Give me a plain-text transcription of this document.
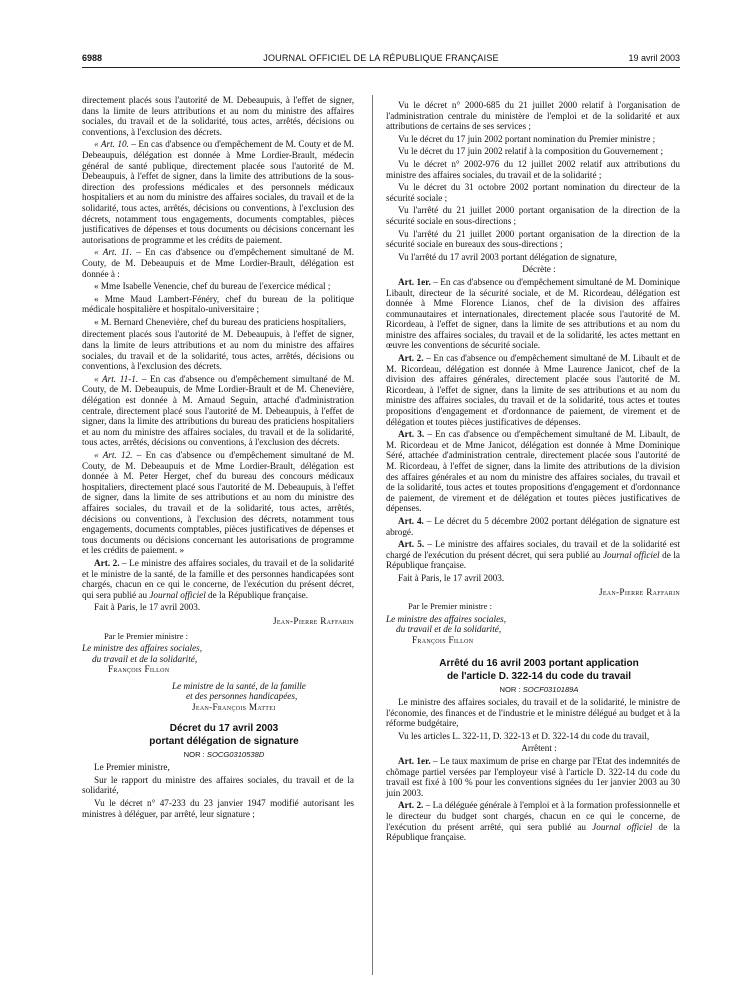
6988	JOURNAL OFFICIEL DE LA RÉPUBLIQUE FRANÇAISE	19 avril 2003

directement placés sous l'autorité de M. Debeaupuis, à l'effet de signer, dans la limite de leurs attributions et au nom du ministre des affaires sociales, du travail et de la solidarité, tous actes, arrêtés, décisions ou conventions, à l'exclusion des décrets.

« Art. 10. – En cas d'absence ou d'empêchement de M. Couty et de M. Debeaupuis, délégation est donnée à Mme Lordier-Brault, médecin général de santé publique, directement placée sous l'autorité de M. Debeaupuis, à l'effet de signer, dans la limite des attributions de la sous-direction des professions médicales et des personnels médicaux hospitaliers et au nom du ministre des affaires sociales, du travail et de la solidarité, tous actes, arrêtés, décisions ou conventions, à l'exclusion des décrets, notamment tous engagements, documents comptables, pièces justificatives de dépenses et tous documents ou décisions concernant les autorisations de programme et les crédits de paiement.

« Art. 11. – En cas d'absence ou d'empêchement simultané de M. Couty, de M. Debeaupuis et de Mme Lordier-Brault, délégation est donnée à :

« Mme Isabelle Venencie, chef du bureau de l'exercice médical ;

« Mme Maud Lambert-Fénéry, chef du bureau de la politique médicale hospitalière et hospitalo-universitaire ;

« M. Bernard Chenevière, chef du bureau des praticiens hospitaliers,

directement placés sous l'autorité de M. Debeaupuis, à l'effet de signer, dans la limite de leurs attributions et au nom du ministre des affaires sociales, du travail et de la solidarité, tous actes, arrêtés, décisions ou conventions, à l'exclusion des décrets.

« Art. 11-1. – En cas d'absence ou d'empêchement simultané de M. Couty, de M. Debeaupuis, de Mme Lordier-Brault et de M. Chenevière, délégation est donnée à M. Arnaud Seguin, attaché d'administration centrale, directement placé sous l'autorité de M. Debeaupuis, à l'effet de signer, dans la limite des attributions du bureau des praticiens hospitaliers et au nom du ministre des affaires sociales, du travail et de la solidarité, tous actes, arrêtés, décisions ou conventions, à l'exclusion des décrets.

« Art. 12. – En cas d'absence ou d'empêchement simultané de M. Couty, de M. Debeaupuis et de Mme Lordier-Brault, délégation est donnée à M. Peter Herget, chef du bureau des concours médicaux hospitaliers, directement placé sous l'autorité de M. Debeaupuis, à l'effet de signer, dans la limite de ses attributions et au nom du ministre des affaires sociales, du travail et de la solidarité, tous actes, arrêtés, décisions ou conventions, à l'exclusion des décrets, notamment tous engagements, documents comptables, pièces justificatives de dépenses et tous documents ou décisions concernant les autorisations de programme et les crédits de paiement. »

Art. 2. – Le ministre des affaires sociales, du travail et de la solidarité et le ministre de la santé, de la famille et des personnes handicapées sont chargés, chacun en ce qui le concerne, de l'exécution du présent décret, qui sera publié au Journal officiel de la République française.

Fait à Paris, le 17 avril 2003.

Jean-Pierre Raffarin

Par le Premier ministre :

Le ministre des affaires sociales,

du travail et de la solidarité,

François Fillon

Le ministre de la santé, de la famille

et des personnes handicapées,

Jean-François Mattei

Décret du 17 avril 2003

portant délégation de signature

NOR : SOCG0310538D

Le Premier ministre,

Sur le rapport du ministre des affaires sociales, du travail et de la solidarité,

Vu le décret n° 47-233 du 23 janvier 1947 modifié autorisant les ministres à déléguer, par arrêté, leur signature ;

Vu le décret n° 2000-685 du 21 juillet 2000 relatif à l'organisation de l'administration centrale du ministère de l'emploi et de la solidarité et aux attributions de certains de ses services ;

Vu le décret du 17 juin 2002 portant nomination du Premier ministre ;

Vu le décret du 17 juin 2002 relatif à la composition du Gouvernement ;

Vu le décret n° 2002-976 du 12 juillet 2002 relatif aux attributions du ministre des affaires sociales, du travail et de la solidarité ;

Vu le décret du 31 octobre 2002 portant nomination du directeur de la sécurité sociale ;

Vu l'arrêté du 21 juillet 2000 portant organisation de la direction de la sécurité sociale en sous-directions ;

Vu l'arrêté du 21 juillet 2000 portant organisation de la direction de la sécurité sociale en bureaux des sous-directions ;

Vu l'arrêté du 17 avril 2003 portant délégation de signature,

Décrète :

Art. 1er. – En cas d'absence ou d'empêchement simultané de M. Dominique Libault, directeur de la sécurité sociale, et de M. Ricordeau, délégation est donnée à Mme Florence Lianos, chef de la division des affaires communautaires et internationales, directement placée sous l'autorité de M. Ricordeau, à l'effet de signer, dans la limite de ses attributions et au nom du ministre des affaires sociales, du travail et de la solidarité, les actes mettant en œuvre les conventions de sécurité sociale.

Art. 2. – En cas d'absence ou d'empêchement simultané de M. Libault et de M. Ricordeau, délégation est donnée à Mme Laurence Janicot, chef de la division des affaires générales, directement placée sous l'autorité de M. Ricordeau, à l'effet de signer, dans la limite de ses attributions et au nom du ministre des affaires sociales, du travail et de la solidarité, tous actes et toutes propositions d'engagement et d'ordonnance de paiement, de virement et de délégation et toutes pièces justificatives de dépenses.

Art. 3. – En cas d'absence ou d'empêchement simultané de M. Libault, de M. Ricordeau et de Mme Janicot, délégation est donnée à Mme Dominique Séré, attachée d'administration centrale, directement placée sous l'autorité de M. Ricordeau, à l'effet de signer, dans la limite des attributions de la division des affaires générales et au nom du ministre des affaires sociales, du travail et de la solidarité, tous actes et toutes propositions d'engagement et d'ordonnance de paiement, de virement et de délégation et toutes pièces justificatives de dépenses.

Art. 4. – Le décret du 5 décembre 2002 portant délégation de signature est abrogé.

Art. 5. – Le ministre des affaires sociales, du travail et de la solidarité est chargé de l'exécution du présent décret, qui sera publié au Journal officiel de la République française.

Fait à Paris, le 17 avril 2003.

Jean-Pierre Raffarin

Par le Premier ministre :

Le ministre des affaires sociales,

du travail et de la solidarité,

François Fillon

Arrêté du 16 avril 2003 portant application

de l'article D. 322-14 du code du travail

NOR : SOCF0310189A

Le ministre des affaires sociales, du travail et de la solidarité, le ministre de l'économie, des finances et de l'industrie et le ministre délégué au budget et à la réforme budgétaire,

Vu les articles L. 322-11, D. 322-13 et D. 322-14 du code du travail,

Arrêtent :

Art. 1er. – Le taux maximum de prise en charge par l'Etat des indemnités de chômage partiel versées par l'employeur visé à l'article D. 322-14 du code du travail est fixé à 100 % pour les conventions signées du 1er janvier 2003 au 30 juin 2003.

Art. 2. – La déléguée générale à l'emploi et à la formation professionnelle et le directeur du budget sont chargés, chacun en ce qui le concerne, de l'exécution du présent arrêté, qui sera publié au Journal officiel de la République française.
